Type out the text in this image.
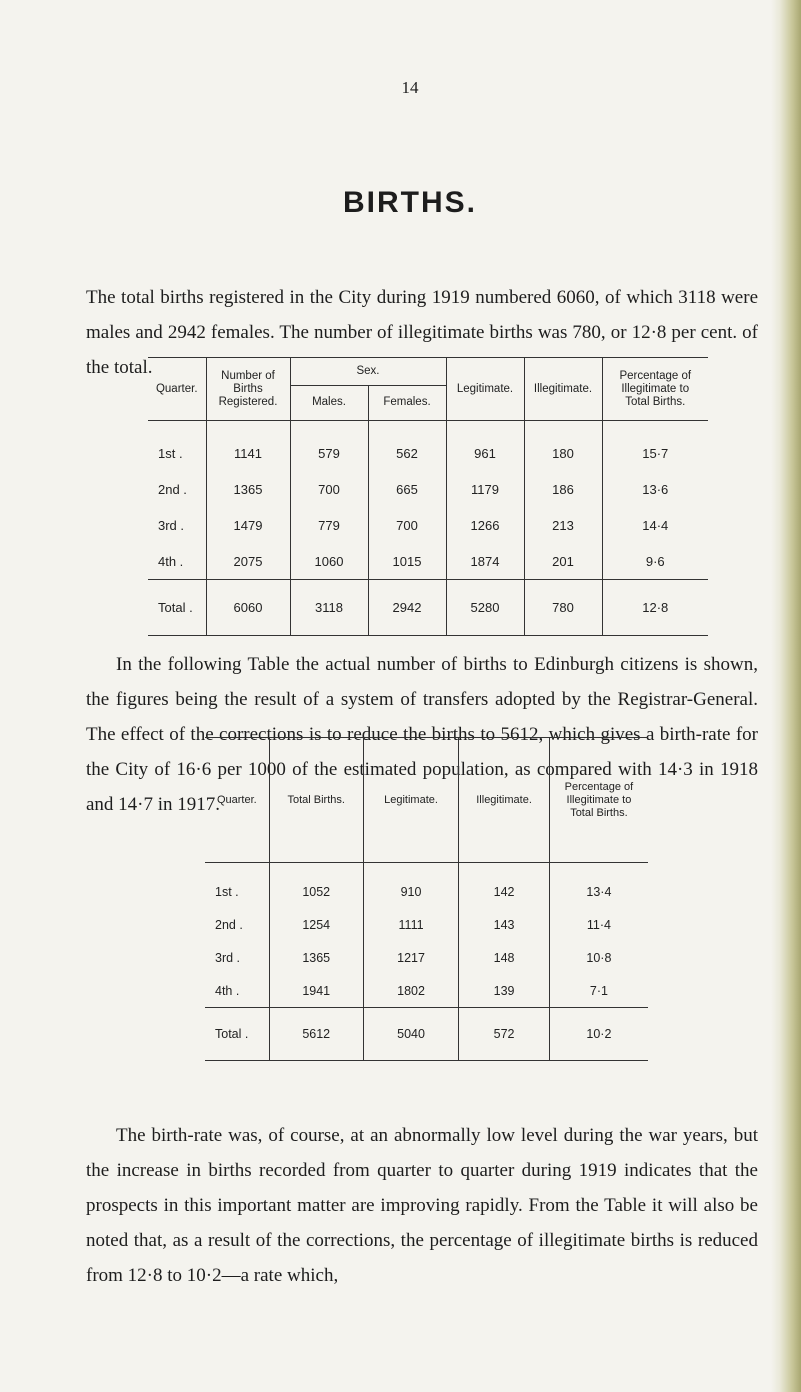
14
BIRTHS.

The total births registered in the City during 1919 numbered 6060, of which 3118 were males and 2942 females. The number of illegitimate births was 780, or 12·8 per cent. of the total.

Quarter.	Number of Births Registered.	Sex.		Legitimate.	Illegitimate.	Percentage of Illegitimate to Total Births.
		Males.	Females.			
1st .	1141	579	562	961	180	15·7
2nd .	1365	700	665	1179	186	13·6
3rd .	1479	779	700	1266	213	14·4
4th .	2075	1060	1015	1874	201	9·6
Total .	6060	3118	2942	5280	780	12·8

In the following Table the actual number of births to Edinburgh citizens is shown, the figures being the result of a system of transfers adopted by the Registrar-General. The effect of the corrections is to reduce the births to 5612, which gives a birth-rate for the City of 16·6 per 1000 of the estimated population, as compared with 14·3 in 1918 and 14·7 in 1917.

Quarter.	Total Births.	Legitimate.	Illegitimate.	Percentage of Illegitimate to Total Births.
1st .	1052	910	142	13·4
2nd .	1254	1111	143	11·4
3rd .	1365	1217	148	10·8
4th .	1941	1802	139	7·1
Total .	5612	5040	572	10·2

The birth-rate was, of course, at an abnormally low level during the war years, but the increase in births recorded from quarter to quarter during 1919 indicates that the prospects in this important matter are improving rapidly. From the Table it will also be noted that, as a result of the corrections, the percentage of illegitimate births is reduced from 12·8 to 10·2—a rate which,
